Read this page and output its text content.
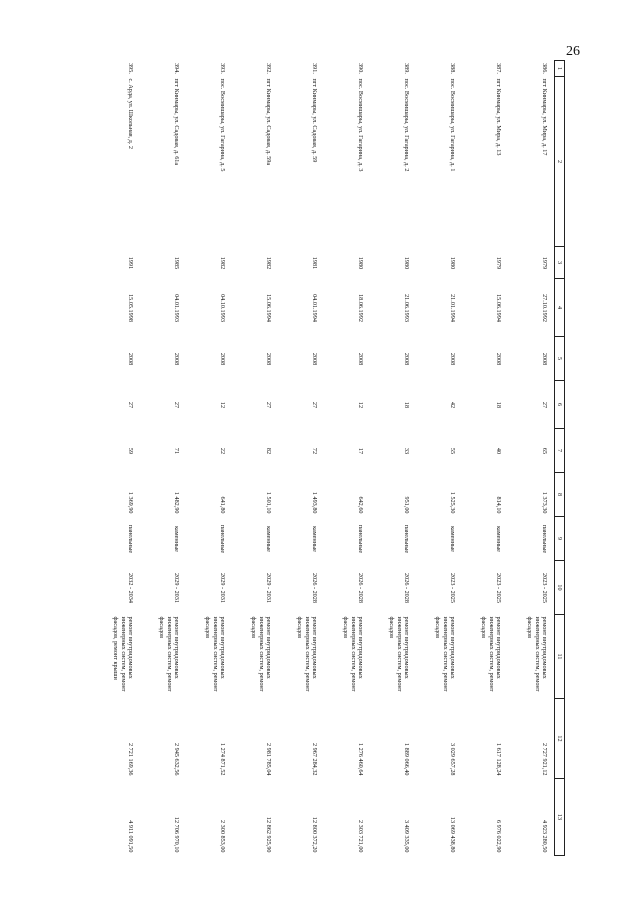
26
1	2	3	4	5	6	7	8	9	10	11	12	13
386.	пгт Кинмары, ул. Мира, д. 17	1979	27.10.1992	2008	27	65	1 373,30	панельные	2023 - 2025	ремонт внутридомовых инженерных систем, ремонт фасадов	2 727 921,12	4 923 280,50
387.	пгт Кинмары, ул. Мира, д. 13	1979	15.06.1994	2008	18	40	814,10	каменные	2023 - 2025	ремонт внутридомовых инженерных систем, ремонт фасадов	1 617 128,24	6 976 022,90
388.	пос. Восмишары, ул. Гагарина, д. 1	1980	21.01.1994	2008	42	55	1 525,30	каменные	2023 - 2025	ремонт внутридомовых инженерных систем, ремонт фасадов	3 029 657,28	13 069 438,80
389.	пос. Восмишары, ул. Гагарина, д. 2	1980	21.06.1993	2008	18	33	951,00	панельные	2026 - 2028	ремонт внутридомовых инженерных систем, ремонт фасадов	1 889 066,40	3 409 335,00
390.	пос. Восмишары, ул. Гагарина, д. 3	1980	18.06.1992	2008	12	17	642,60	панельные	2026 - 2028	ремонт внутридомовых инженерных систем, ремонт фасадов	1 276 460,64	2 303 721,00
391.	пгт Кинмары, ул. Садовая, д. 59	1981	04.01.1994	2008	27	72	1 493,80	каменные	2026 - 2028	ремонт внутридомовых инженерных систем, ремонт фасадов	2 967 284,32	12 800 372,20
392.	пгт Кинмары, ул. Садовая, д. 59а	1982	15.06.1994	2008	27	82	1 501,10	каменные	2029 - 2031	ремонт внутридомовых инженерных систем, ремонт фасадов	2 981 785,04	12 862 925,90
393.	пос. Восмишары, ул. Гагарина, д. 5	1982	04.10.1993	2008	12	22	641,80	панельные	2029 - 2031	ремонт внутридомовых инженерных систем, ремонт фасадов	1 274 871,52	2 300 853,00
394.	пгт Кинмары, ул. Садовая, д. 61а	1985	04.01.1993	2008	27	71	1 482,90	каменные	2029 - 2031	ремонт внутридомовых инженерных систем, ремонт фасадов	2 945 632,56	12 706 970,10
395.	с. Арда, ул. Школьная, д. 2	1991	15.05.1998	2008	27	59	1 369,90	панельные	2032 - 2034	ремонт внутридомовых инженерных систем, ремонт фасадов, ремонт крыши	2 721 169,36	4 911 091,50
